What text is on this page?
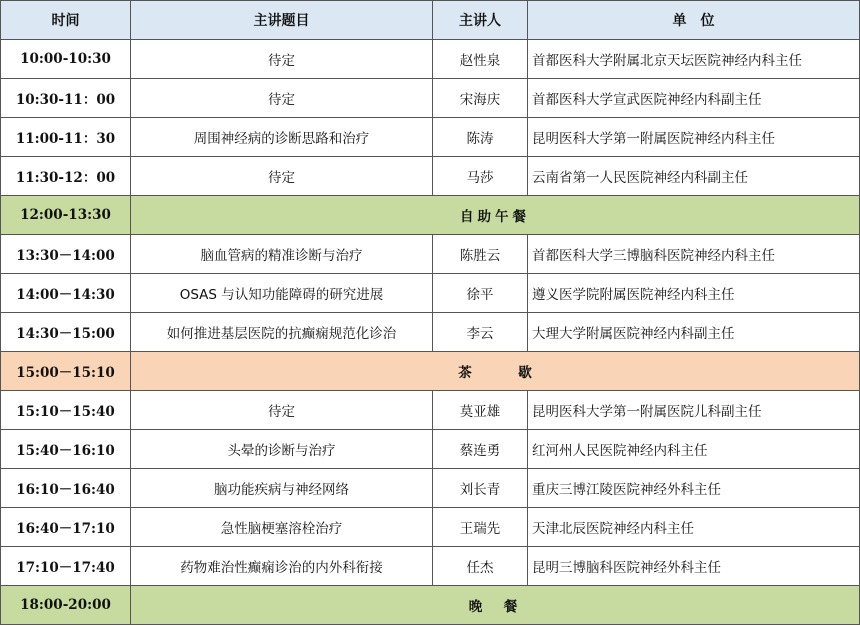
时间	主讲题目	主讲人	单　位
10:00-10:30	待定	赵性泉	首都医科大学附属北京天坛医院神经内科主任
10:30-11：00	待定	宋海庆	首都医科大学宣武医院神经内科副主任
11:00-11：30	周围神经病的诊断思路和治疗	陈涛	昆明医科大学第一附属医院神经内科主任
11:30-12：00	待定	马莎	云南省第一人民医院神经内科副主任
12:00-13:30	自助午餐		
13:30－14:00	脑血管病的精准诊断与治疗	陈胜云	首都医科大学三博脑科医院神经内科主任
14:00－14:30	OSAS 与认知功能障碍的研究进展	徐平	遵义医学院附属医院神经内科主任
14:30－15:00	如何推进基层医院的抗癫痫规范化诊治	李云	大理大学附属医院神经内科副主任
15:00－15:10	茶 歇		
15:10－15:40	待定	莫亚雄	昆明医科大学第一附属医院儿科副主任
15:40－16:10	头晕的诊断与治疗	蔡连勇	红河州人民医院神经内科主任
16:10－16:40	脑功能疾病与神经网络	刘长青	重庆三博江陵医院神经外科主任
16:40－17:10	急性脑梗塞溶栓治疗	王瑞先	天津北辰医院神经内科主任
17:10－17:40	药物难治性癫痫诊治的内外科衔接	任杰	昆明三博脑科医院神经外科主任
18:00-20:00	晚　餐		
